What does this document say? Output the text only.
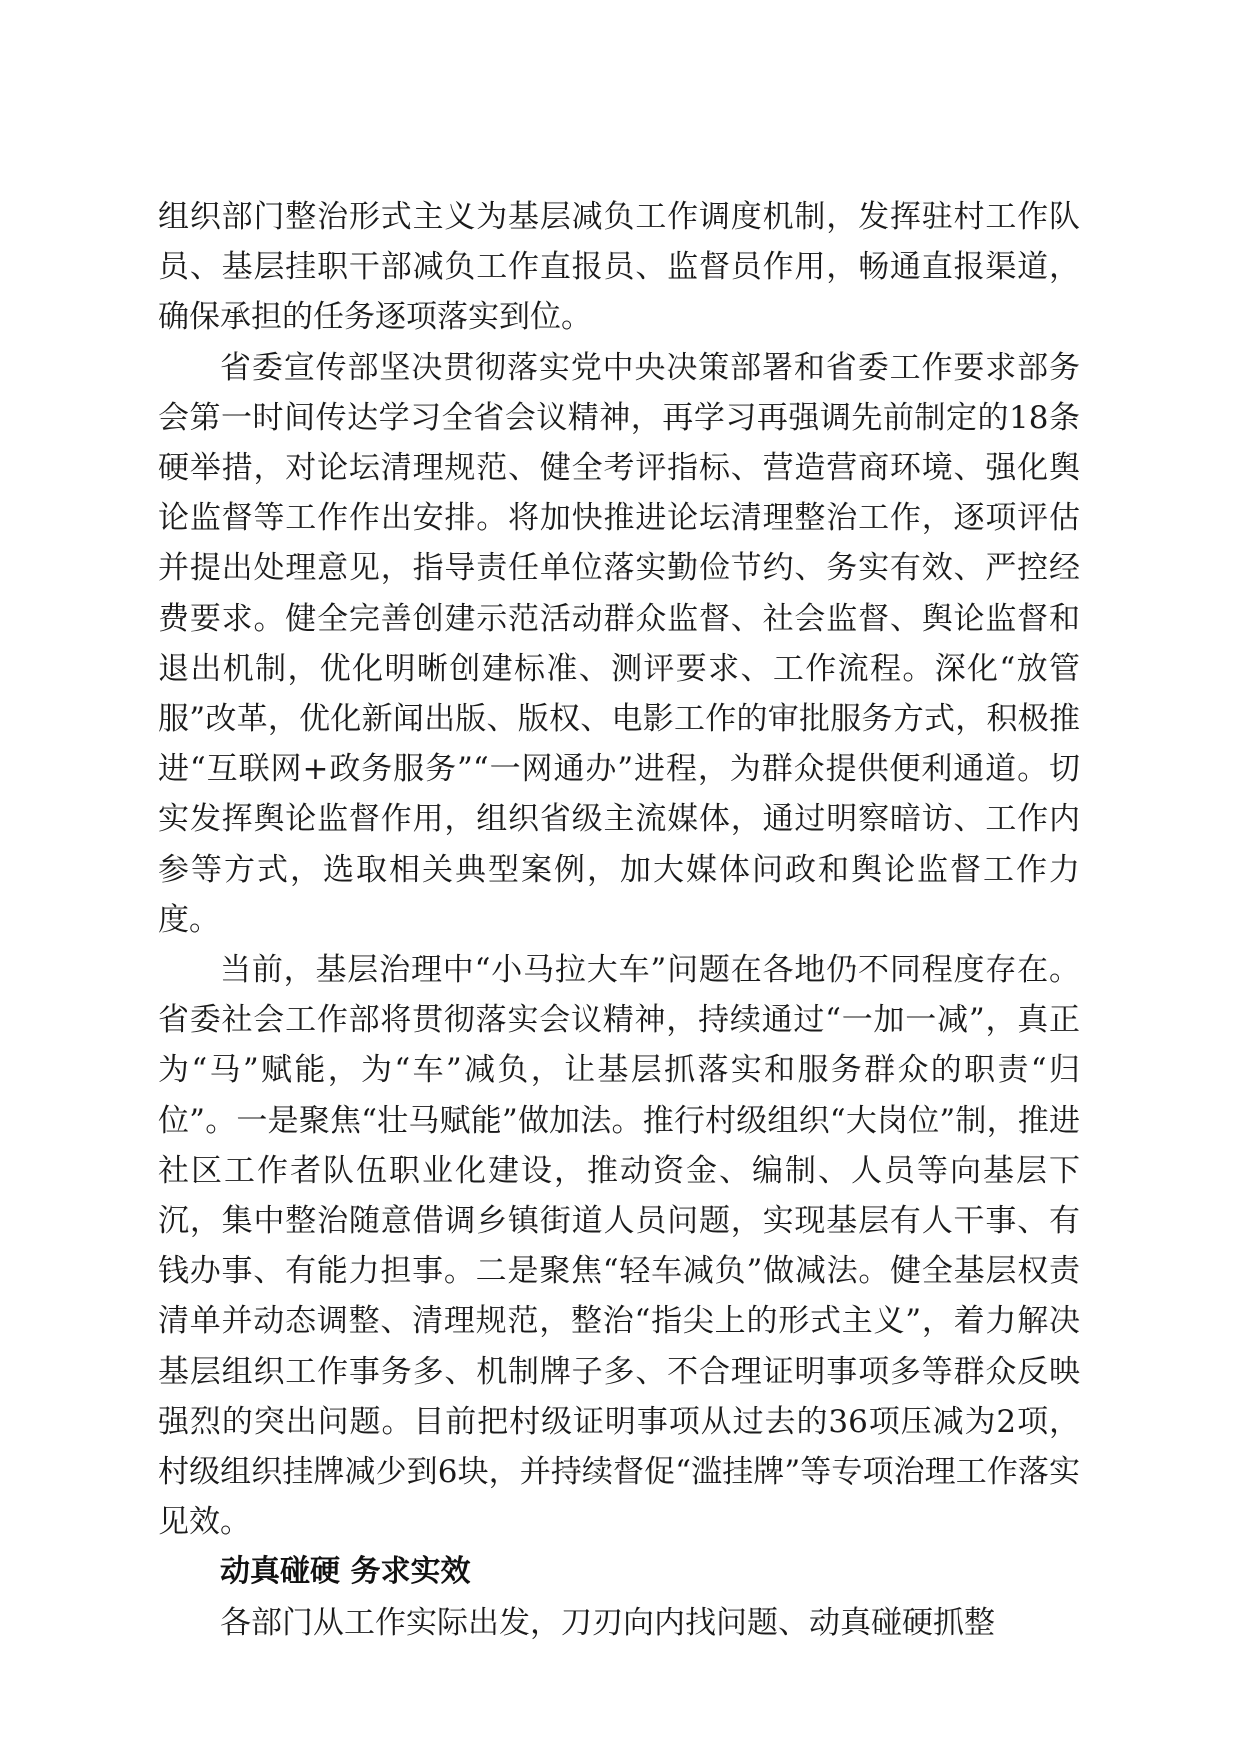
组织部门整治形式主义为基层减负工作调度机制，发挥驻村工作队员、基层挂职干部减负工作直报员、监督员作用，畅通直报渠道，确保承担的任务逐项落实到位。

省委宣传部坚决贯彻落实党中央决策部署和省委工作要求部务会第一时间传达学习全省会议精神，再学习再强调先前制定的18条硬举措，对论坛清理规范、健全考评指标、营造营商环境、强化舆论监督等工作作出安排。将加快推进论坛清理整治工作，逐项评估并提出处理意见，指导责任单位落实勤俭节约、务实有效、严控经费要求。健全完善创建示范活动群众监督、社会监督、舆论监督和退出机制，优化明晰创建标准、测评要求、工作流程。深化“放管服”改革，优化新闻出版、版权、电影工作的审批服务方式，积极推进“互联网+政务服务”“一网通办”进程，为群众提供便利通道。切实发挥舆论监督作用，组织省级主流媒体，通过明察暗访、工作内参等方式，选取相关典型案例，加大媒体问政和舆论监督工作力度。

当前，基层治理中“小马拉大车”问题在各地仍不同程度存在。省委社会工作部将贯彻落实会议精神，持续通过“一加一减”，真正为“马”赋能，为“车”减负，让基层抓落实和服务群众的职责“归位”。一是聚焦“壮马赋能”做加法。推行村级组织“大岗位”制，推进社区工作者队伍职业化建设，推动资金、编制、人员等向基层下沉，集中整治随意借调乡镇街道人员问题，实现基层有人干事、有钱办事、有能力担事。二是聚焦“轻车减负”做减法。健全基层权责清单并动态调整、清理规范，整治“指尖上的形式主义”，着力解决基层组织工作事务多、机制牌子多、不合理证明事项多等群众反映强烈的突出问题。目前把村级证明事项从过去的36项压减为2项，村级组织挂牌减少到6块，并持续督促“滥挂牌”等专项治理工作落实见效。

动真碰硬 务求实效

各部门从工作实际出发，刀刃向内找问题、动真碰硬抓整
